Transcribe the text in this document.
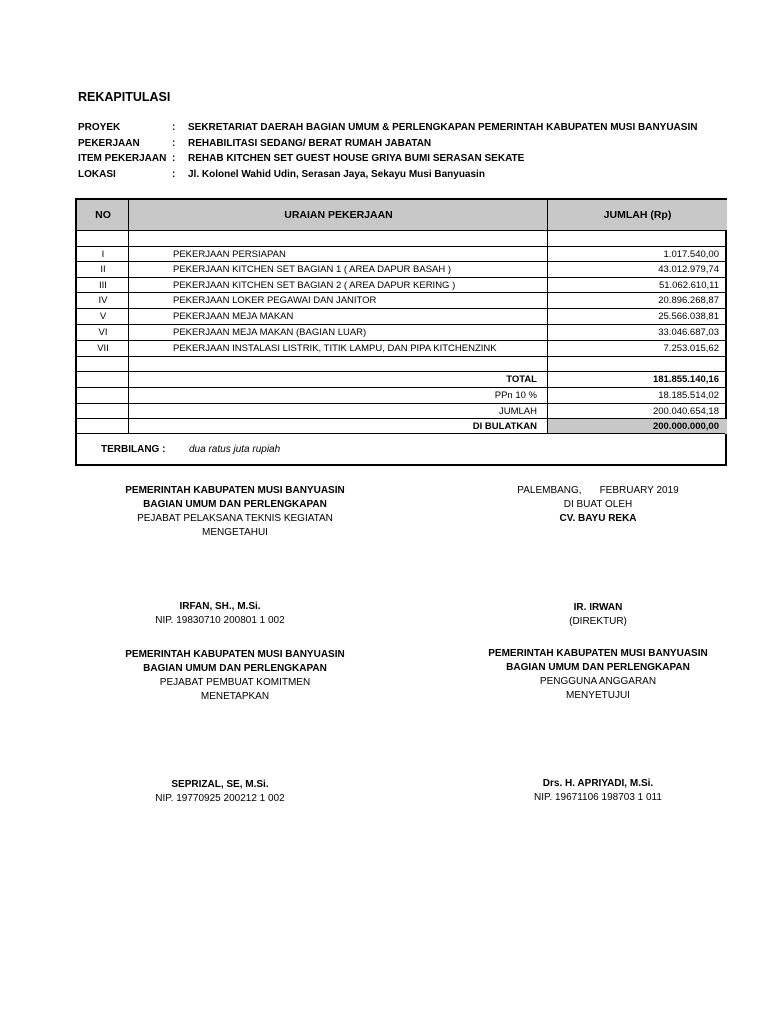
REKAPITULASI
PROYEK	: SEKRETARIAT DAERAH BAGIAN UMUM & PERLENGKAPAN PEMERINTAH KABUPATEN MUSI BANYUASIN
PEKERJAAN	: REHABILITASI SEDANG/ BERAT RUMAH JABATAN
ITEM PEKERJAAN : REHAB KITCHEN SET GUEST HOUSE GRIYA BUMI SERASAN SEKATE
LOKASI	: Jl. Kolonel Wahid Udin, Serasan Jaya, Sekayu Musi Banyuasin
NO	URAIAN PEKERJAAN	JUMLAH (Rp)
I	PEKERJAAN PERSIAPAN	1.017.540,00
II	PEKERJAAN KITCHEN SET BAGIAN 1 ( AREA DAPUR BASAH )	43.012.979,74
III	PEKERJAAN KITCHEN SET BAGIAN 2 ( AREA DAPUR KERING )	51.062.610,11
IV	PEKERJAAN LOKER PEGAWAI DAN JANITOR	20.896.268,87
V	PEKERJAAN MEJA MAKAN	25.566.038,81
VI	PEKERJAAN MEJA MAKAN (BAGIAN LUAR)	33.046.687,03
VII	PEKERJAAN INSTALASI LISTRIK, TITIK LAMPU, DAN PIPA KITCHENZINK	7.253.015,62
TOTAL	181.855.140,16
PPn 10 %	18.185.514,02
JUMLAH	200.040.654,18
DI BULATKAN	200.000.000,00
TERBILANG : dua ratus juta rupiah
PEMERINTAH KABUPATEN MUSI BANYUASIN
BAGIAN UMUM DAN PERLENGKAPAN
PEJABAT PELAKSANA TEKNIS KEGIATAN
MENGETAHUI
IRFAN, SH., M.Si.
NIP. 19830710 200801 1 002
PALEMBANG, FEBRUARY 2019
DI BUAT OLEH
CV. BAYU REKA
IR. IRWAN
(DIREKTUR)
PEMERINTAH KABUPATEN MUSI BANYUASIN
BAGIAN UMUM DAN PERLENGKAPAN
PEJABAT PEMBUAT KOMITMEN
MENETAPKAN
SEPRIZAL, SE, M.Si.
NIP. 19770925 200212 1 002
PEMERINTAH KABUPATEN MUSI BANYUASIN
BAGIAN UMUM DAN PERLENGKAPAN
PENGGUNA ANGGARAN
MENYETUJUI
Drs. H. APRIYADI, M.Si.
NIP. 19671106 198703 1 011
